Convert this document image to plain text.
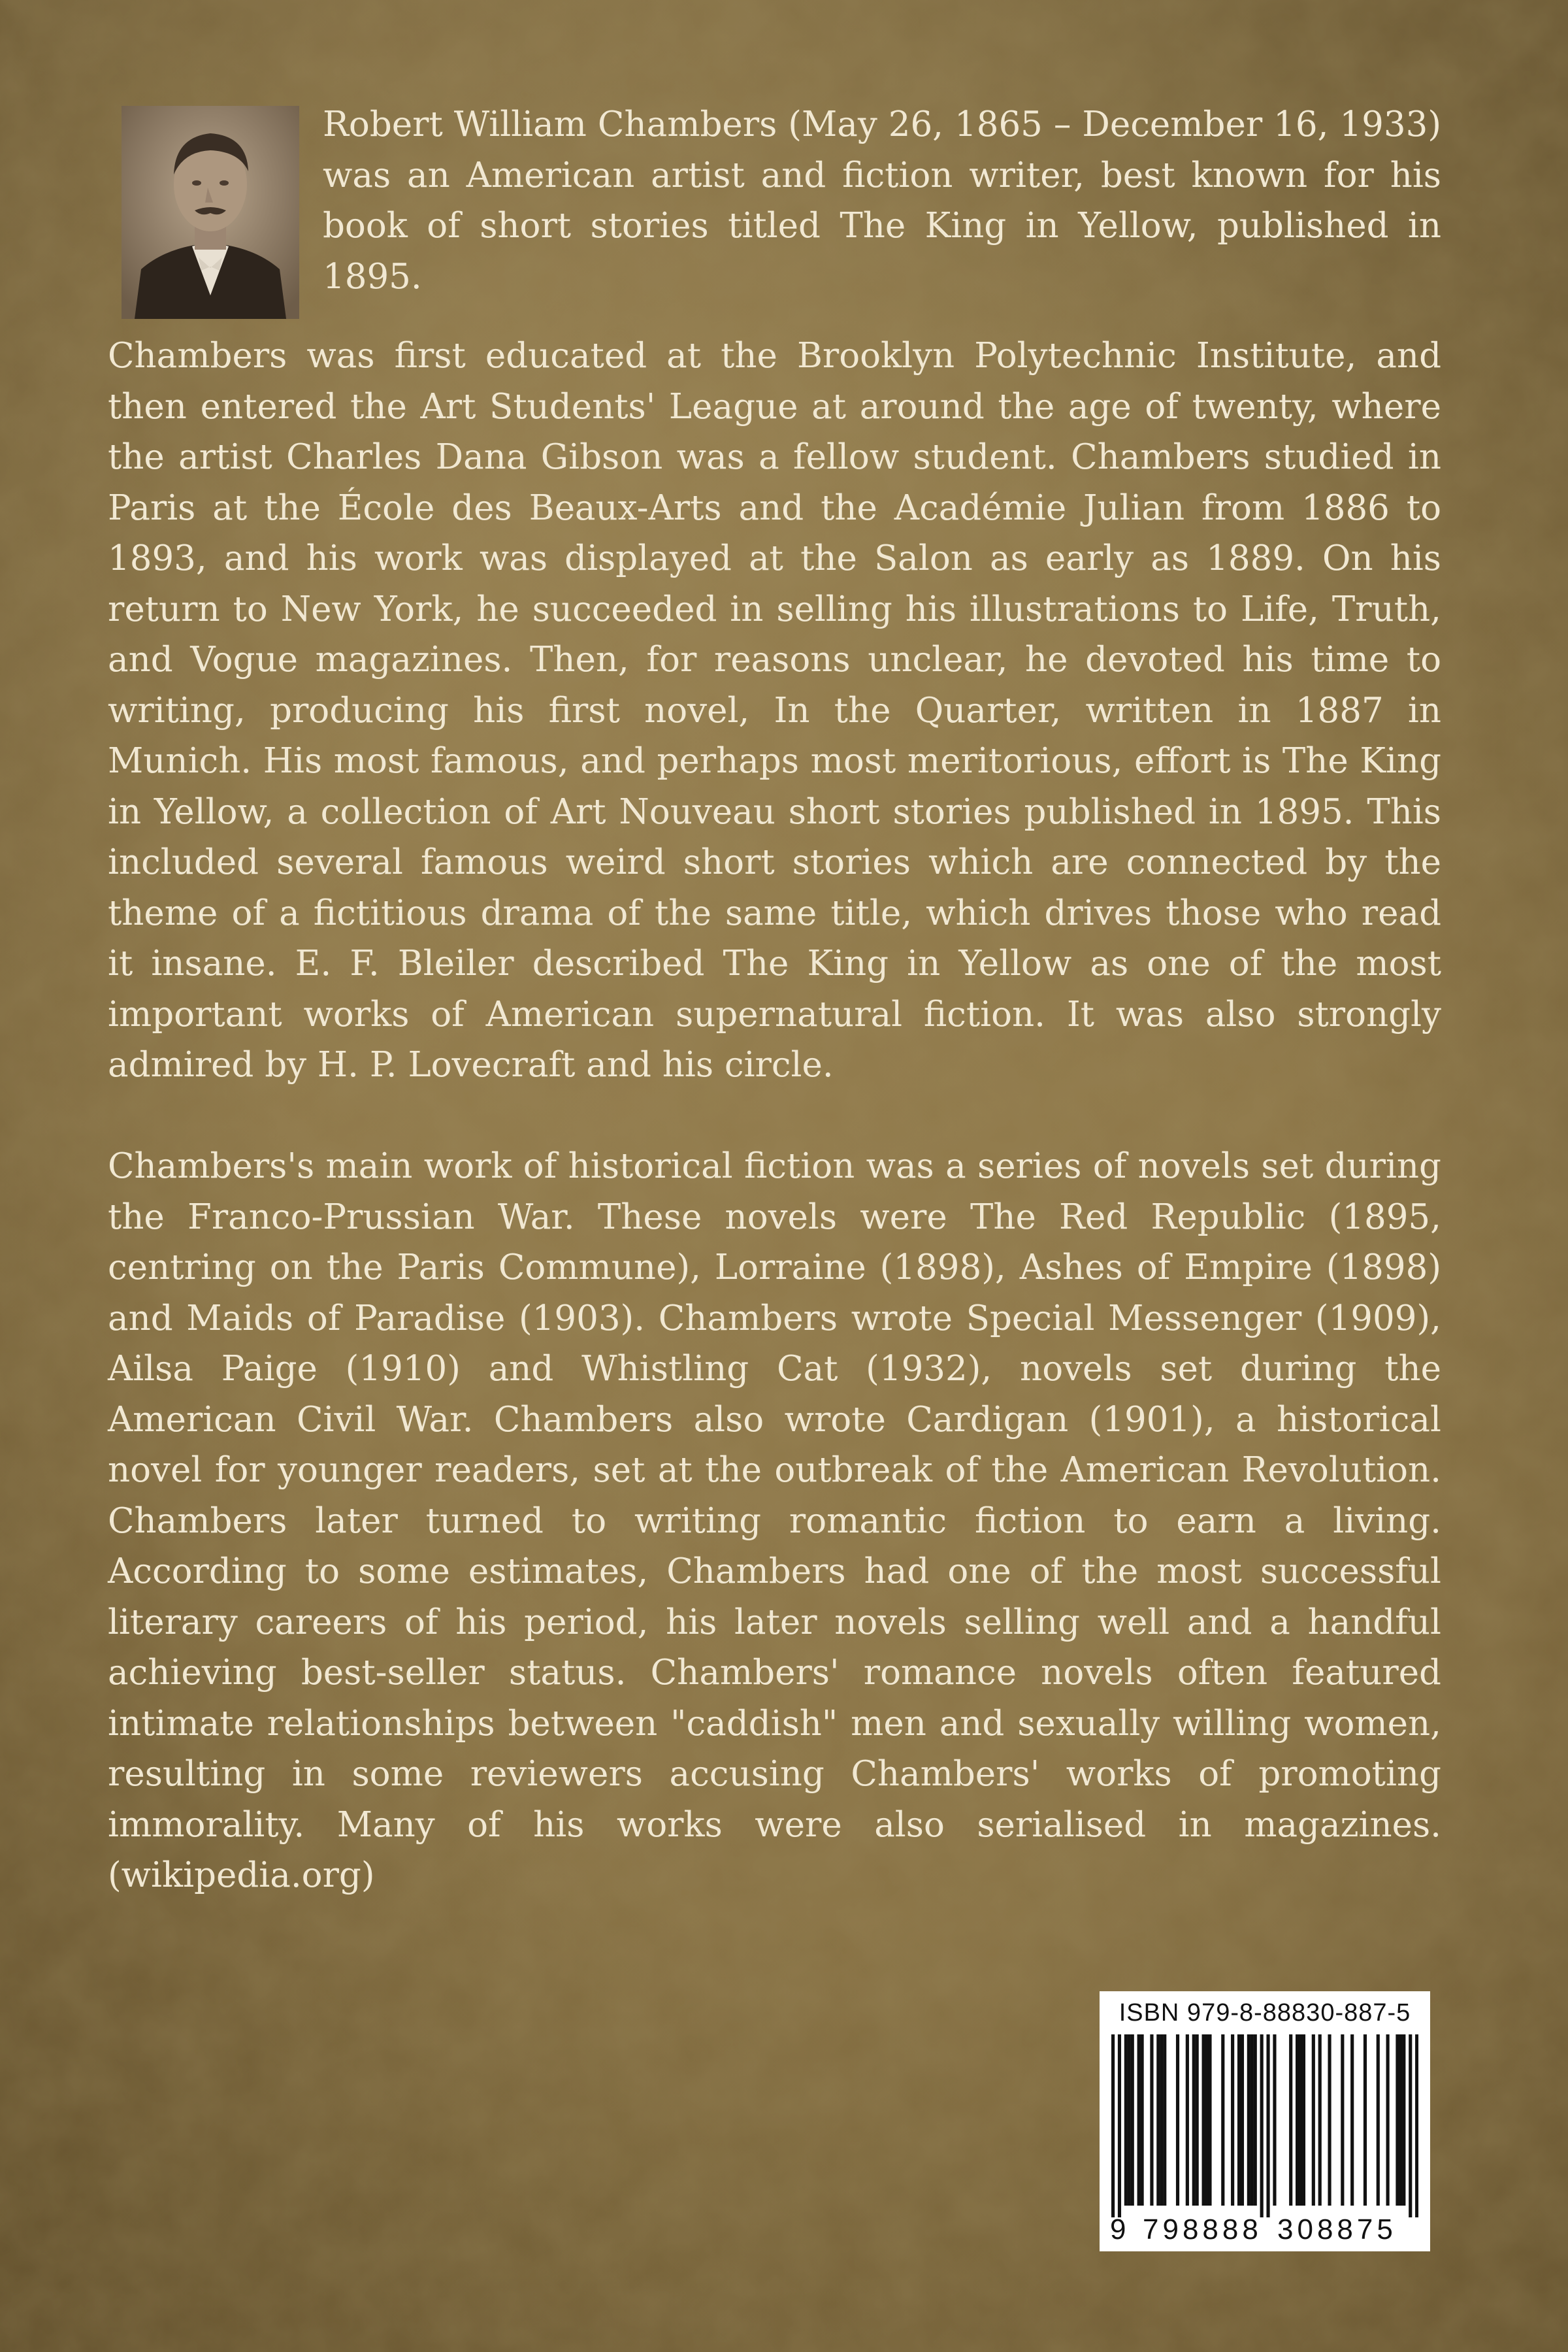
Robert William Chambers (May 26, 1865 – December 16, 1933) was an American artist and fiction writer, best known for his book of short stories titled The King in Yellow, published in 1895.

Chambers was first educated at the Brooklyn Polytechnic Institute, and then entered the Art Students' League at around the age of twenty, where the artist Charles Dana Gibson was a fellow student. Chambers studied in Paris at the École des Beaux-Arts and the Académie Julian from 1886 to 1893, and his work was displayed at the Salon as early as 1889. On his return to New York, he succeeded in selling his illustrations to Life, Truth, and Vogue magazines. Then, for reasons unclear, he devoted his time to writing, producing his first novel, In the Quarter, written in 1887 in Munich. His most famous, and perhaps most meritorious, effort is The King in Yellow, a collection of Art Nouveau short stories published in 1895. This included several famous weird short stories which are connected by the theme of a fictitious drama of the same title, which drives those who read it insane. E. F. Bleiler described The King in Yellow as one of the most important works of American supernatural fiction. It was also strongly admired by H. P. Lovecraft and his circle.

Chambers's main work of historical fiction was a series of novels set during the Franco-Prussian War. These novels were The Red Republic (1895, centring on the Paris Commune), Lorraine (1898), Ashes of Empire (1898) and Maids of Paradise (1903). Chambers wrote Special Messenger (1909), Ailsa Paige (1910) and Whistling Cat (1932), novels set during the American Civil War. Chambers also wrote Cardigan (1901), a historical novel for younger readers, set at the outbreak of the American Revolution. Chambers later turned to writing romantic fiction to earn a living. According to some estimates, Chambers had one of the most successful literary careers of his period, his later novels selling well and a handful achieving best-seller status. Chambers' romance novels often featured intimate relationships between "caddish" men and sexually willing women, resulting in some reviewers accusing Chambers' works of promoting immorality. Many of his works were also serialised in magazines. (wikipedia.org)

ISBN 979-8-88830-887-5
9 798888 308875
